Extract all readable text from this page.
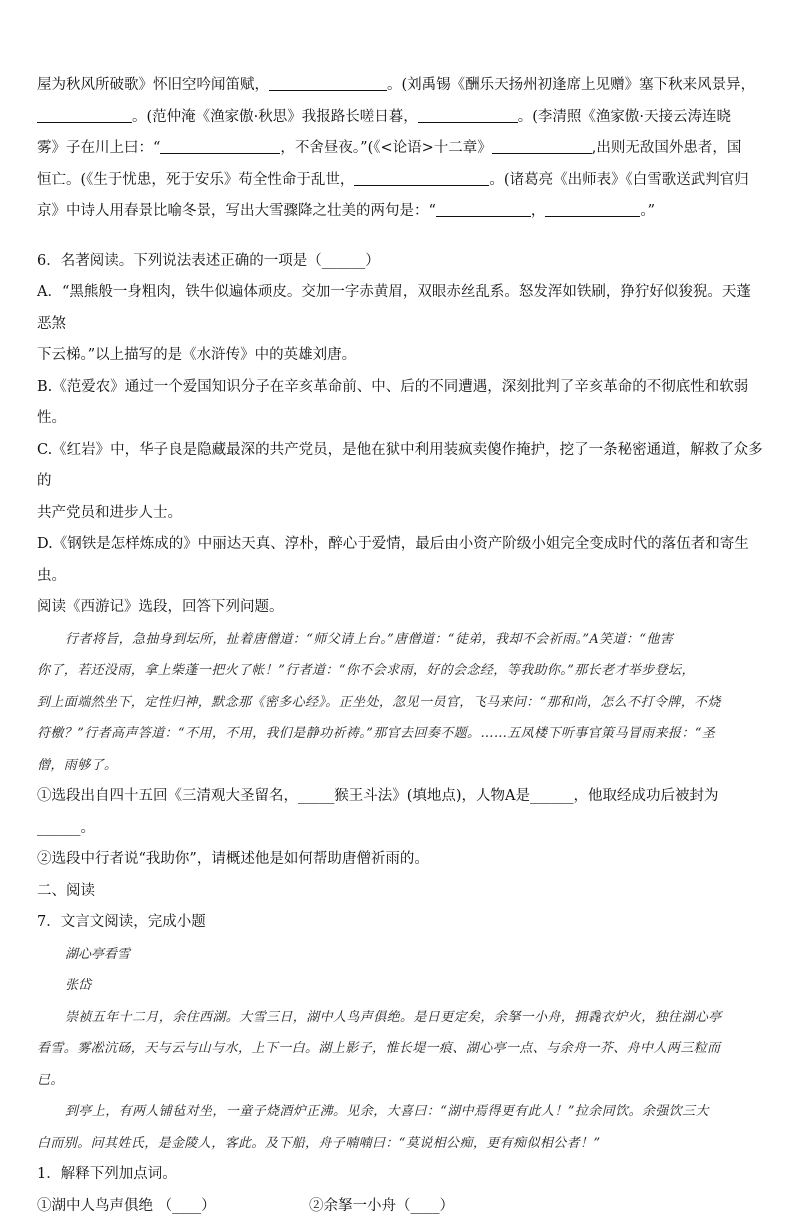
屋为秋风所破歌》怀旧空吟闻笛赋，	。(刘禹锡《酬乐天扬州初逢席上见赠》塞下秋来风景异，

。(范仲淹《渔家傲·秋思》我报路长嗟日暮，	。(李清照《渔家傲·天接云涛连晓

雾》子在川上曰：“	，不舍昼夜。”(《<论语>十二章》	,出则无敌国外患者，国

恒亡。(《生于忧患，死于安乐》苟全性命于乱世，	。(诸葛亮《出师表》《白雪歌送武判官归

京》中诗人用春景比喻冬景，写出大雪骤降之壮美的两句是：“	，	。”

6．名著阅读。下列说法表述正确的一项是（______）

A．“黑熊般一身粗肉，铁牛似遍体顽皮。交加一字赤黄眉，双眼赤丝乱系。怒发浑如铁刷，狰狞好似狻猊。天蓬恶煞

下云梯。”以上描写的是《水浒传》中的英雄刘唐。

B.《范爱农》通过一个爱国知识分子在辛亥革命前、中、后的不同遭遇，深刻批判了辛亥革命的不彻底性和软弱性。

C.《红岩》中，华子良是隐藏最深的共产党员，是他在狱中利用装疯卖傻作掩护，挖了一条秘密通道，解救了众多的

共产党员和进步人士。

D.《钢铁是怎样炼成的》中丽达天真、淳朴，醉心于爱情，最后由小资产阶级小姐完全变成时代的落伍者和寄生虫。

阅读《西游记》选段，回答下列问题。

行者将旨，急抽身到坛所，扯着唐僧道：“师父请上台。”唐僧道：“徒弟，我却不会祈雨。”A笑道：“他害

你了，若还没雨，拿上柴蓬一把火了帐！”行者道：“你不会求雨，好的会念经，等我助你。”那长老才举步登坛，

到上面端然坐下，定性归神，默念那《密多心经》。正坐处，忽见一员官，飞马来问：“那和尚，怎么不打令牌，不烧

符檄？”行者高声答道：“不用，不用，我们是静功祈祷。”那官去回奏不题。……五凤楼下听事官策马冒雨来报：“圣

僧，雨够了。

①选段出自四十五回《三清观大圣留名，_____猴王斗法》(填地点)，人物A是______，他取经成功后被封为______。

②选段中行者说“我助你”，请概述他是如何帮助唐僧祈雨的。

二、阅读

7．文言文阅读，完成小题

湖心亭看雪

张岱

崇祯五年十二月，余住西湖。大雪三日，湖中人鸟声俱绝。是日更定矣，余拏一小舟，拥毳衣炉火，独往湖心亭

看雪。雾凇沆砀，天与云与山与水，上下一白。湖上影子，惟长堤一痕、湖心亭一点、与余舟一芥、舟中人两三粒而

已。

到亭上，有两人铺毡对坐，一童子烧酒炉正沸。见余，大喜曰：“湖中焉得更有此人！”拉余同饮。余强饮三大

白而别。问其姓氏，是金陵人，客此。及下船，舟子喃喃曰：“莫说相公痴，更有痴似相公者！”

1．解释下列加点词。

①湖中人鸟声俱绝 （____）	②余拏一小舟（____）
